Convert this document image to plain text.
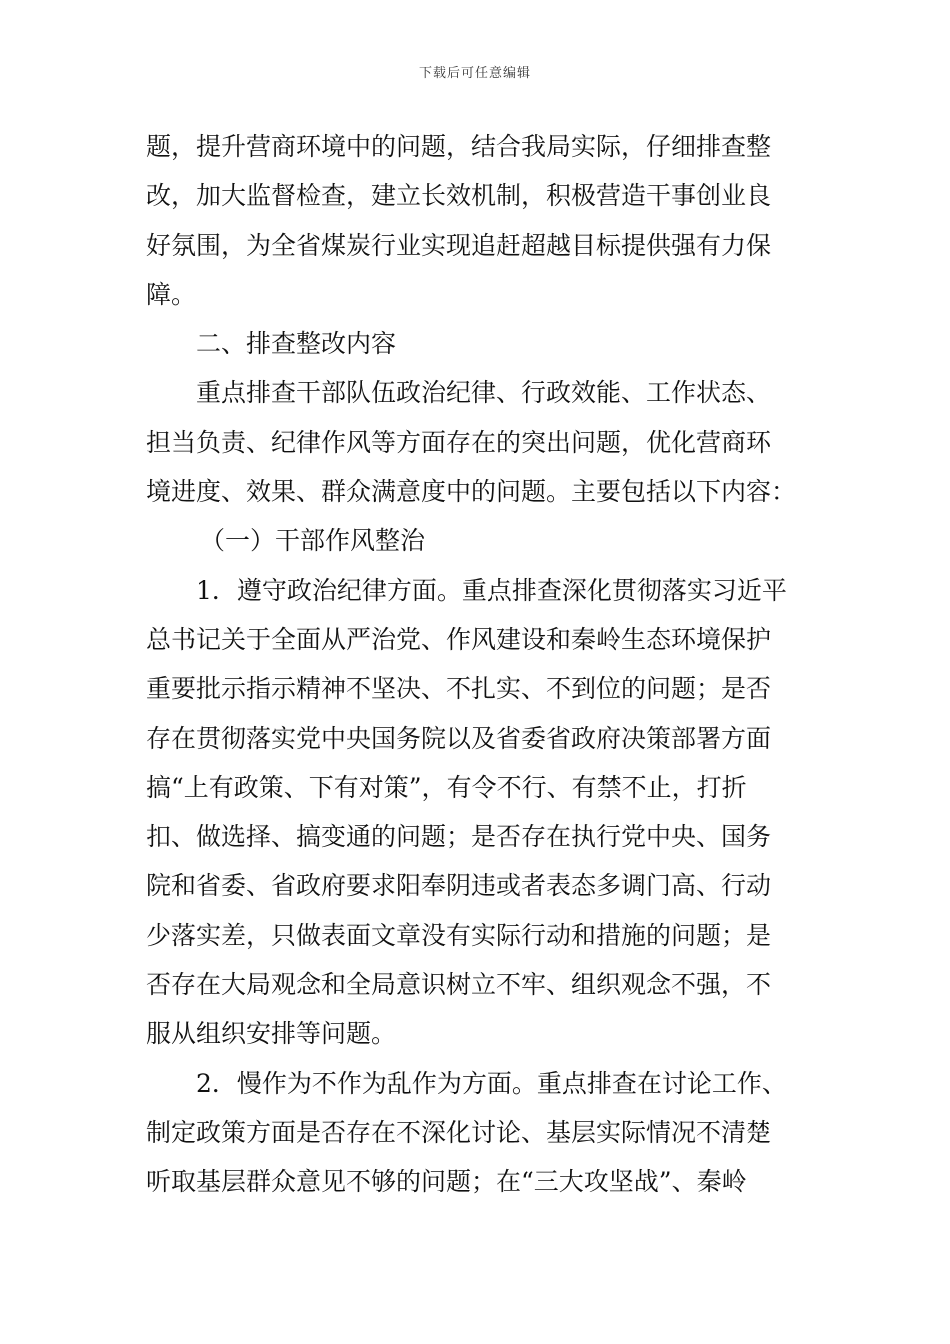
下载后可任意编辑
题，提升营商环境中的问题，结合我局实际，仔细排查整
改，加大监督检查，建立长效机制，积极营造干事创业良
好氛围，为全省煤炭行业实现追赶超越目标提供强有力保
障。
二、排查整改内容
重点排查干部队伍政治纪律、行政效能、工作状态、
担当负责、纪律作风等方面存在的突出问题，优化营商环
境进度、效果、群众满意度中的问题。主要包括以下内容：
（一）干部作风整治
1．遵守政治纪律方面。重点排查深化贯彻落实习近平
总书记关于全面从严治党、作风建设和秦岭生态环境保护
重要批示指示精神不坚决、不扎实、不到位的问题；是否
存在贯彻落实党中央国务院以及省委省政府决策部署方面
搞“上有政策、下有对策”，有令不行、有禁不止，打折
扣、做选择、搞变通的问题；是否存在执行党中央、国务
院和省委、省政府要求阳奉阴违或者表态多调门高、行动
少落实差，只做表面文章没有实际行动和措施的问题；是
否存在大局观念和全局意识树立不牢、组织观念不强，不
服从组织安排等问题。
2．慢作为不作为乱作为方面。重点排查在讨论工作、
制定政策方面是否存在不深化讨论、基层实际情况不清楚
听取基层群众意见不够的问题；在“三大攻坚战”、秦岭
